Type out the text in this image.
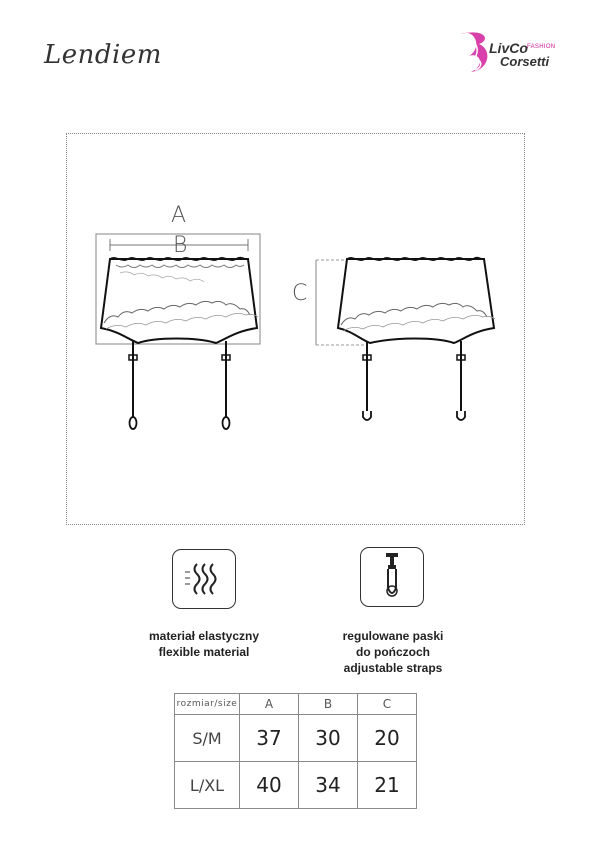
Lendiem	LivCo FASHION
Corsetti
A
B
C
materiał elastyczny
flexible material
regulowane paski
do pończoch
adjustable straps
rozmiar/size	A	B	C
S/M	37	30	20
L/XL	40	34	21
